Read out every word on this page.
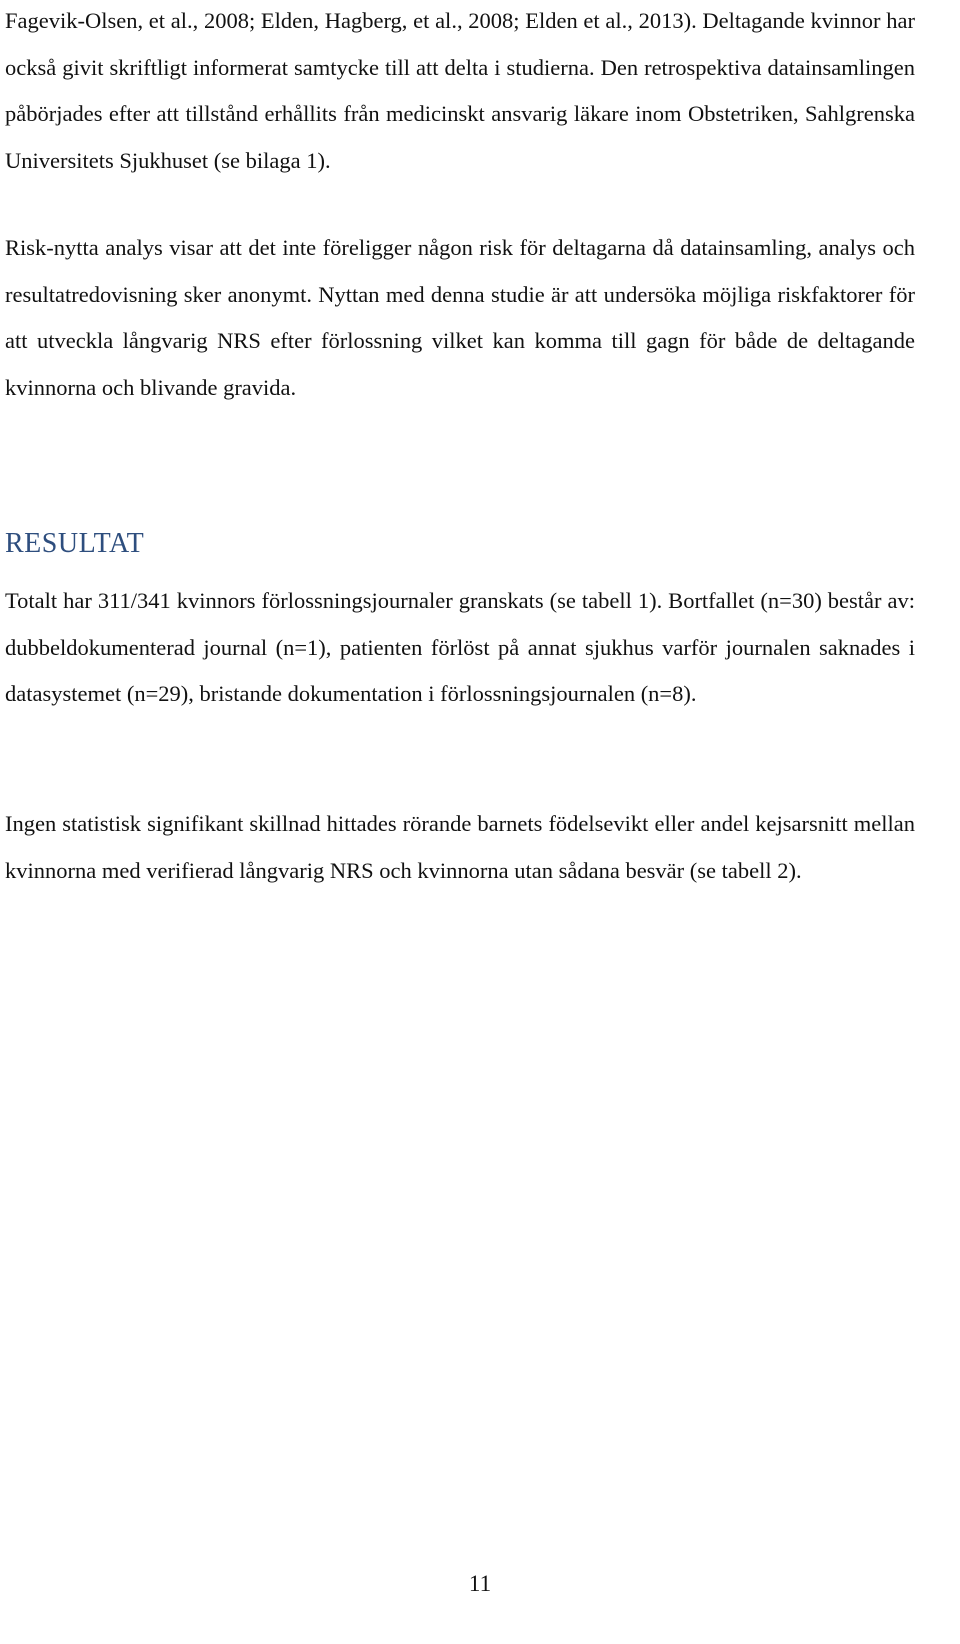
Fagevik-Olsen, et al., 2008; Elden, Hagberg, et al., 2008; Elden et al., 2013). Deltagande kvinnor har också givit skriftligt informerat samtycke till att delta i studierna. Den retrospektiva datainsamlingen påbörjades efter att tillstånd erhållits från medicinskt ansvarig läkare inom Obstetriken, Sahlgrenska Universitets Sjukhuset (se bilaga 1).

Risk-nytta analys visar att det inte föreligger någon risk för deltagarna då datainsamling, analys och resultatredovisning sker anonymt. Nyttan med denna studie är att undersöka möjliga riskfaktorer för att utveckla långvarig NRS efter förlossning vilket kan komma till gagn för både de deltagande kvinnorna och blivande gravida.

RESULTAT

Totalt har 311/341 kvinnors förlossningsjournaler granskats (se tabell 1). Bortfallet (n=30) består av: dubbeldokumenterad journal (n=1), patienten förlöst på annat sjukhus varför journalen saknades i datasystemet (n=29), bristande dokumentation i förlossningsjournalen (n=8).

Ingen statistisk signifikant skillnad hittades rörande barnets födelsevikt eller andel kejsarsnitt mellan kvinnorna med verifierad långvarig NRS och kvinnorna utan sådana besvär (se tabell 2).

11
